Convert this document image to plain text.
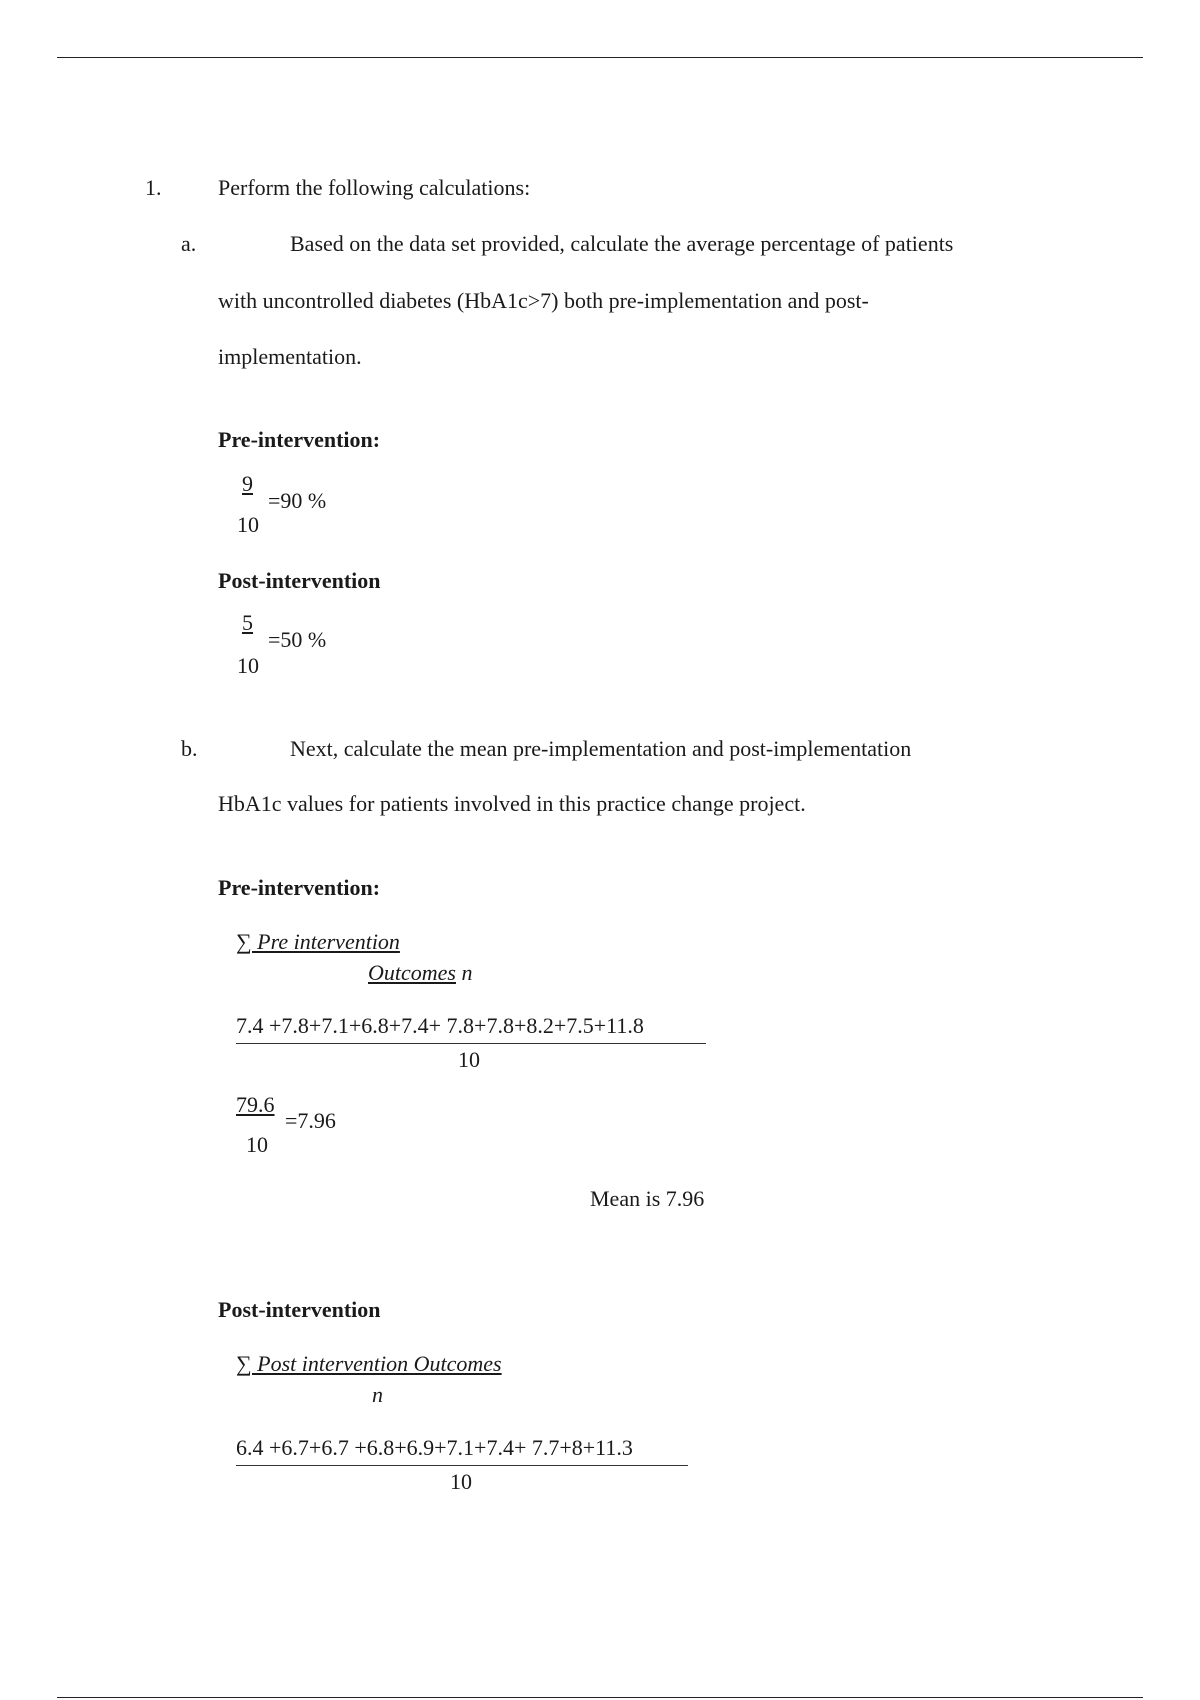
1.	Perform the following calculations:
a.	Based on the data set provided, calculate the average percentage of patients
with uncontrolled diabetes (HbA1c>7) both pre-implementation and post-
implementation.
Pre-intervention:
9
10
=90 %
Post-intervention
5
10
=50 %
b.	Next, calculate the mean pre-implementation and post-implementation
HbA1c values for patients involved in this practice change project.
Pre-intervention:
∑ Pre intervention
Outcomes n
7.4 +7.8+7.1+6.8+7.4+ 7.8+7.8+8.2+7.5+11.8
10
79.6
10
=7.96
Mean is 7.96
Post-intervention
∑ Post intervention Outcomes
n
6.4 +6.7+6.7 +6.8+6.9+7.1+7.4+ 7.7+8+11.3
10
